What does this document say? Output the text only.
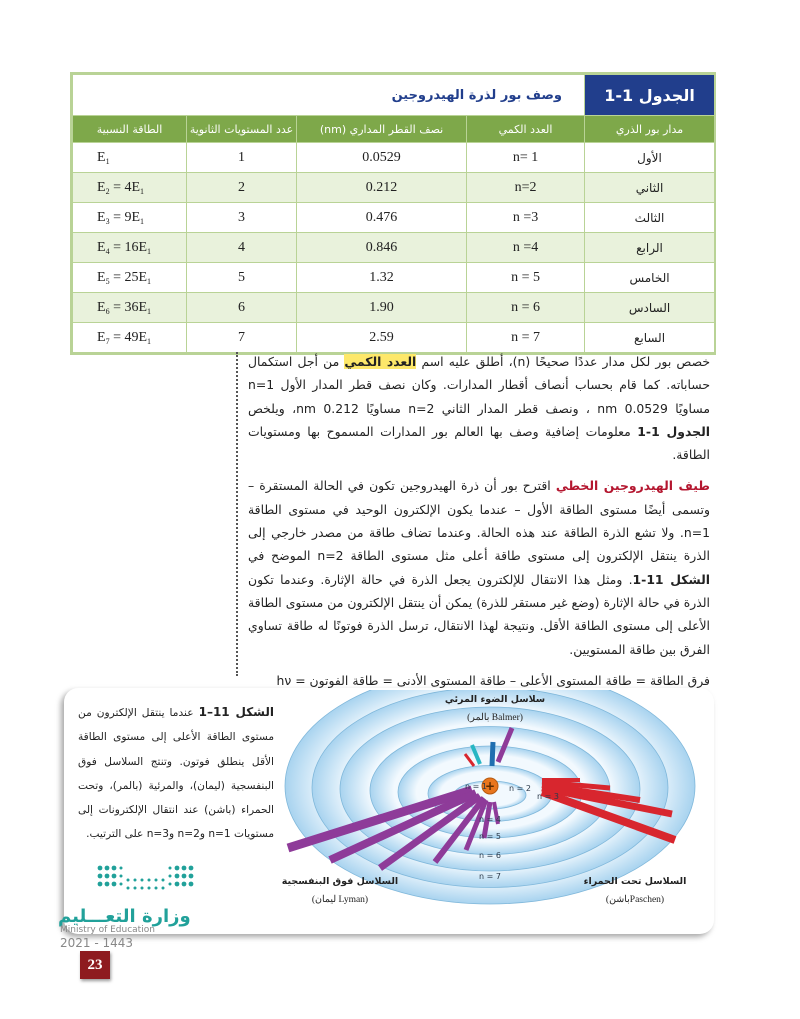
الجدول 1-1	وصف بور لذرة الهيدروجين			
مدار بور الذري	العدد الكمي	نصف القطر المداري (nm)	عدد المستويات الثانوية	الطاقة النسبية
الأول	n= 1	0.0529	1	$E_1$
الثاني	n=2	0.212	2	$E_2 = 4E_1$
الثالث	n =3	0.476	3	$E_3 = 9E_1$
الرابع	n =4	0.846	4	$E_4 = 16E_1$
الخامس	n = 5	1.32	5	$E_5 = 25E_1$
السادس	n = 6	1.90	6	$E_6 = 36E_1$
السابع	n = 7	2.59	7	$E_7 = 49E_1$

خصص بور لكل مدار عددًا صحيحًا (n)، أطلق عليه اسم العدد الكمي من أجل استكمال حساباته. كما قام بحساب أنصاف أقطار المدارات. وكان نصف قطر المدار الأول n=1 مساويًا 0.0529 nm ، ونصف قطر المدار الثاني n=2 مساويًا 0.212 nm، ويلخص الجدول 1-1 معلومات إضافية وصف بها العالم بور المدارات المسموح بها ومستويات الطاقة.

طيف الهيدروجين الخطي اقترح بور أن ذرة الهيدروجين تكون في الحالة المستقرة – وتسمى أيضًا مستوى الطاقة الأول – عندما يكون الإلكترون الوحيد في مستوى الطاقة n=1. ولا تشع الذرة الطاقة عند هذه الحالة. وعندما تضاف طاقة من مصدر خارجي إلى الذرة ينتقل الإلكترون إلى مستوى طاقة أعلى مثل مستوى الطاقة n=2 الموضح في الشكل 11-1. ومثل هذا الانتقال للإلكترون يجعل الذرة في حالة الإثارة. وعندما تكون الذرة في حالة الإثارة (وضع غير مستقر للذرة) يمكن أن ينتقل الإلكترون من مستوى الطاقة الأعلى إلى مستوى الطاقة الأقل. ونتيجة لهذا الانتقال، ترسل الذرة فوتونًا له طاقة تساوي الفرق بين طاقة المستويين.

فرق الطاقة = طاقة المستوى الأعلى – طاقة المستوى الأدنى = طاقة الفوتون = hν

الشكل 11–1 عندما ينتقل الإلكترون من مستوى الطاقة الأعلى إلى مستوى الطاقة الأقل ينطلق فوتون. وتنتج السلاسل فوق البنفسجية (ليمان)، والمرئية (بالمر)، وتحت الحمراء (باشن) عند انتقال الإلكترونات إلى مستويات n=1 وn=2 وn=3 على الترتيب.
+
n = 1	n = 2
n = 3
n = 4
n = 5
n = 6
n = 7
سلاسل الضوء المرئي
(بالمر Balmer)
السلاسل فوق البنفسجية
(ليمان Lyman)
السلاسل تحت الحمراء
(باشنPaschen)
وزارة التعـــليم
Ministry of Education
2021 - 1443
23
